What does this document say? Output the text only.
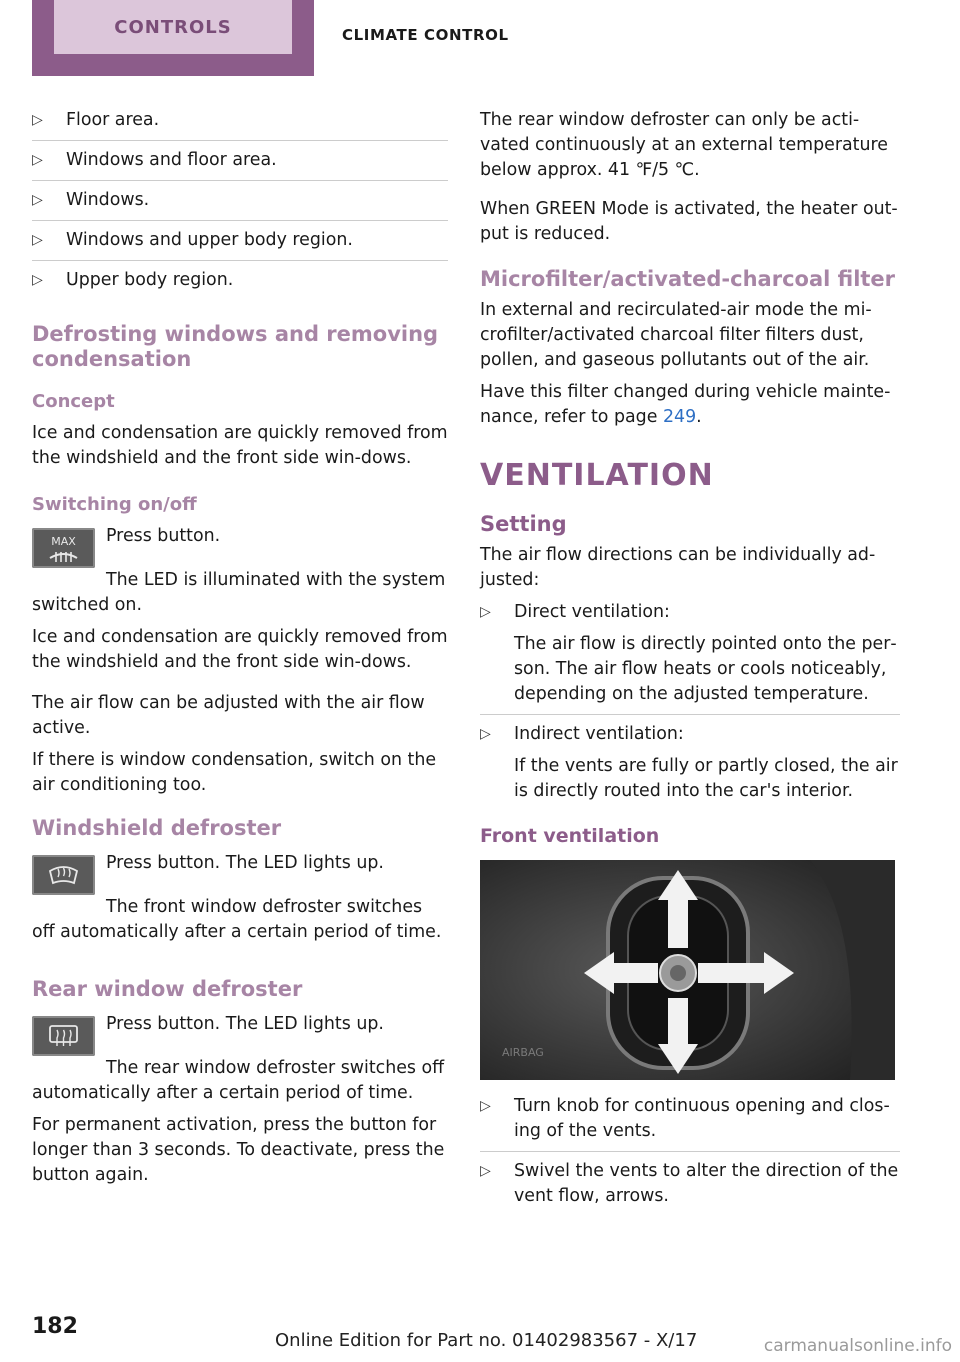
CONTROLS	CLIMATE CONTROL
▷ Floor area.
▷ Windows and floor area.
▷ Windows.
▷ Windows and upper body region.
▷ Upper body region.
Defrosting windows and removing condensation
Concept

Ice and condensation are quickly removed from the windshield and the front side win‐dows.

Switching on/off
MAX Press button.

The LED is illuminated with the system switched on.

Ice and condensation are quickly removed from the windshield and the front side win‐dows.

The air flow can be adjusted with the air flow active.

If there is window condensation, switch on the air conditioning too.

Windshield defroster

Press button. The LED lights up.

The front window defroster switches off automatically after a certain period of time.

Rear window defroster

Press button. The LED lights up.

The rear window defroster switches off automatically after a certain period of time.

For permanent activation, press the button for longer than 3 seconds. To deactivate, press the button again.

The rear window defroster can only be acti‐vated continuously at an external temperature below approx. 41 ℉/5 ℃.

When GREEN Mode is activated, the heater out‐put is reduced.

Microfilter/activated-charcoal filter

In external and recirculated-air mode the mi‐crofilter/activated charcoal filter filters dust, pollen, and gaseous pollutants out of the air.

Have this filter changed during vehicle mainte‐nance, refer to page 249.

VENTILATION
Setting

The air flow directions can be individually ad‐justed:

▷ Direct ventilation:

The air flow is directly pointed onto the per‐son. The air flow heats or cools noticeably, depending on the adjusted temperature.

▷ Indirect ventilation:

If the vents are fully or partly closed, the air is directly routed into the car's interior.

Front ventilation
AIRBAG
▷ Turn knob for continuous opening and clos‐ing of the vents.
▷ Swivel the vents to alter the direction of the vent flow, arrows.
182
Online Edition for Part no. 01402983567 - X/17	carmanualsonline.info
